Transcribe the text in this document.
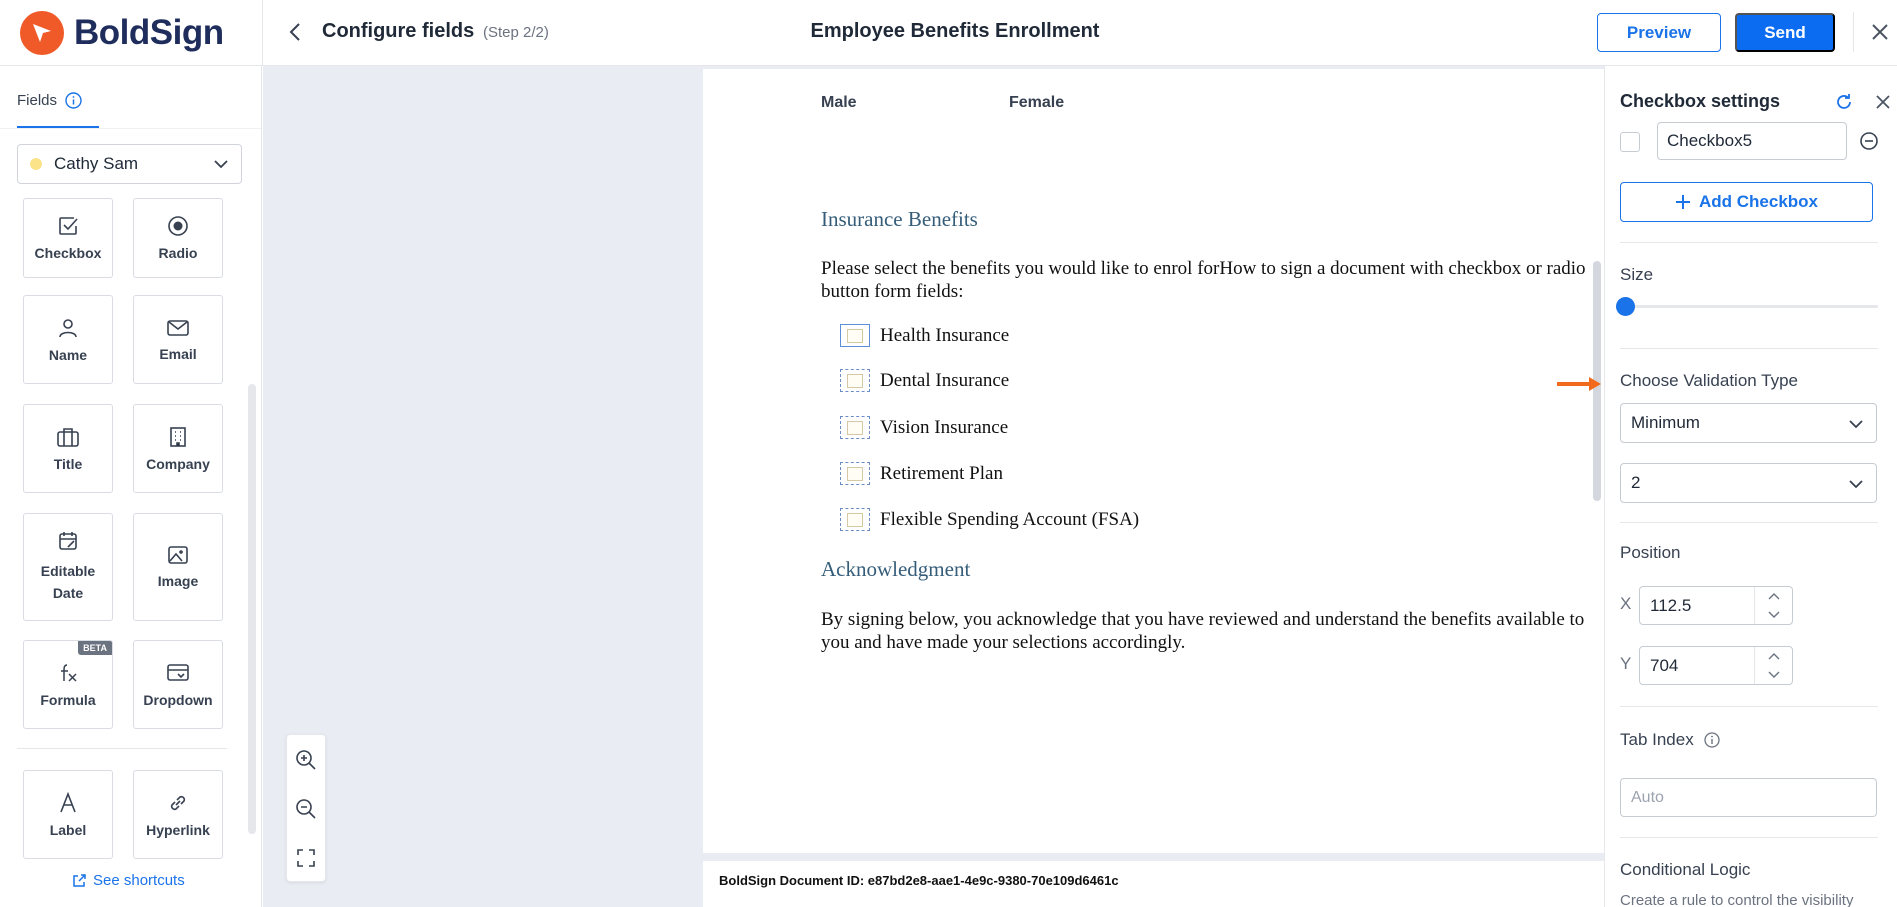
BoldSign	Configure fields (Step 2/2)	Employee Benefits Enrollment	Preview	Send
Fields
Cathy Sam
Checkbox	Radio
Name	Email
Title	Company
Editable Date
Image
BETA
Formula	Dropdown
Label	Hyperlink
See shortcuts
Male	Female
Insurance Benefits
Please select the benefits you would like to enrol forHow to sign a document with checkbox or radio button form fields:
Health Insurance
Dental Insurance
Vision Insurance
Retirement Plan
Flexible Spending Account (FSA)
Acknowledgment
By signing below, you acknowledge that you have reviewed and understand the benefits available to you and have made your selections accordingly.
BoldSign Document ID: e87bd2e8-aae1-4e9c-9380-70e109d6461c
Checkbox settings
Checkbox5
Add Checkbox
Size
Choose Validation Type
Minimum
2
Position
X 112.5
Y 704
Tab Index
Auto
Conditional Logic
Create a rule to control the visibility
